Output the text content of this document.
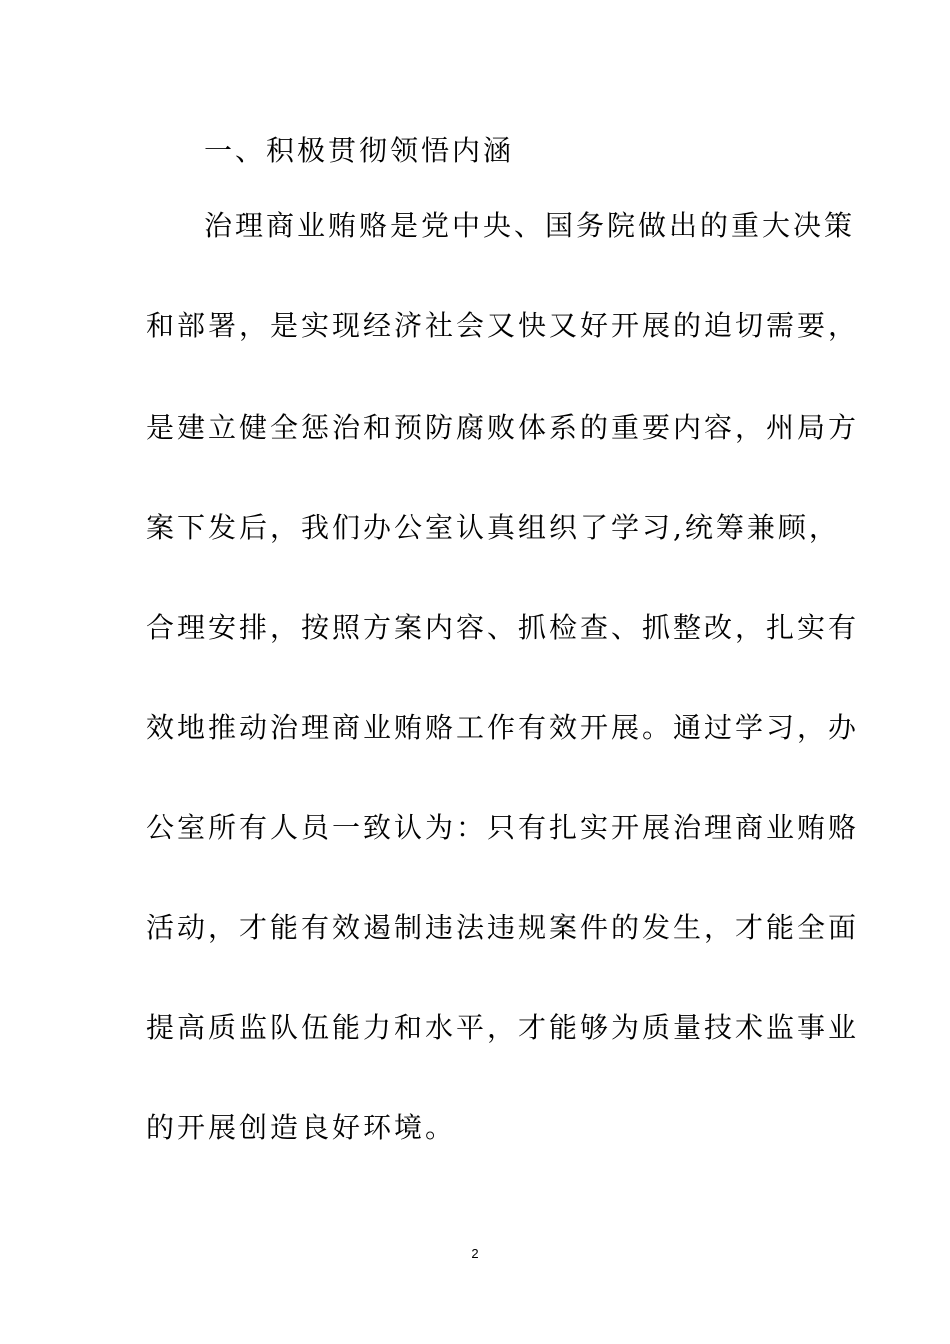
一、积极贯彻领悟内涵
治理商业贿赂是党中央、国务院做出的重大决策
和部署，是实现经济社会又快又好开展的迫切需要，
是建立健全惩治和预防腐败体系的重要内容，州局方
案下发后，我们办公室认真组织了学习,统筹兼顾，
合理安排，按照方案内容、抓检查、抓整改，扎实有
效地推动治理商业贿赂工作有效开展。通过学习，办
公室所有人员一致认为：只有扎实开展治理商业贿赂
活动，才能有效遏制违法违规案件的发生，才能全面
提高质监队伍能力和水平，才能够为质量技术监事业
的开展创造良好环境。
2
